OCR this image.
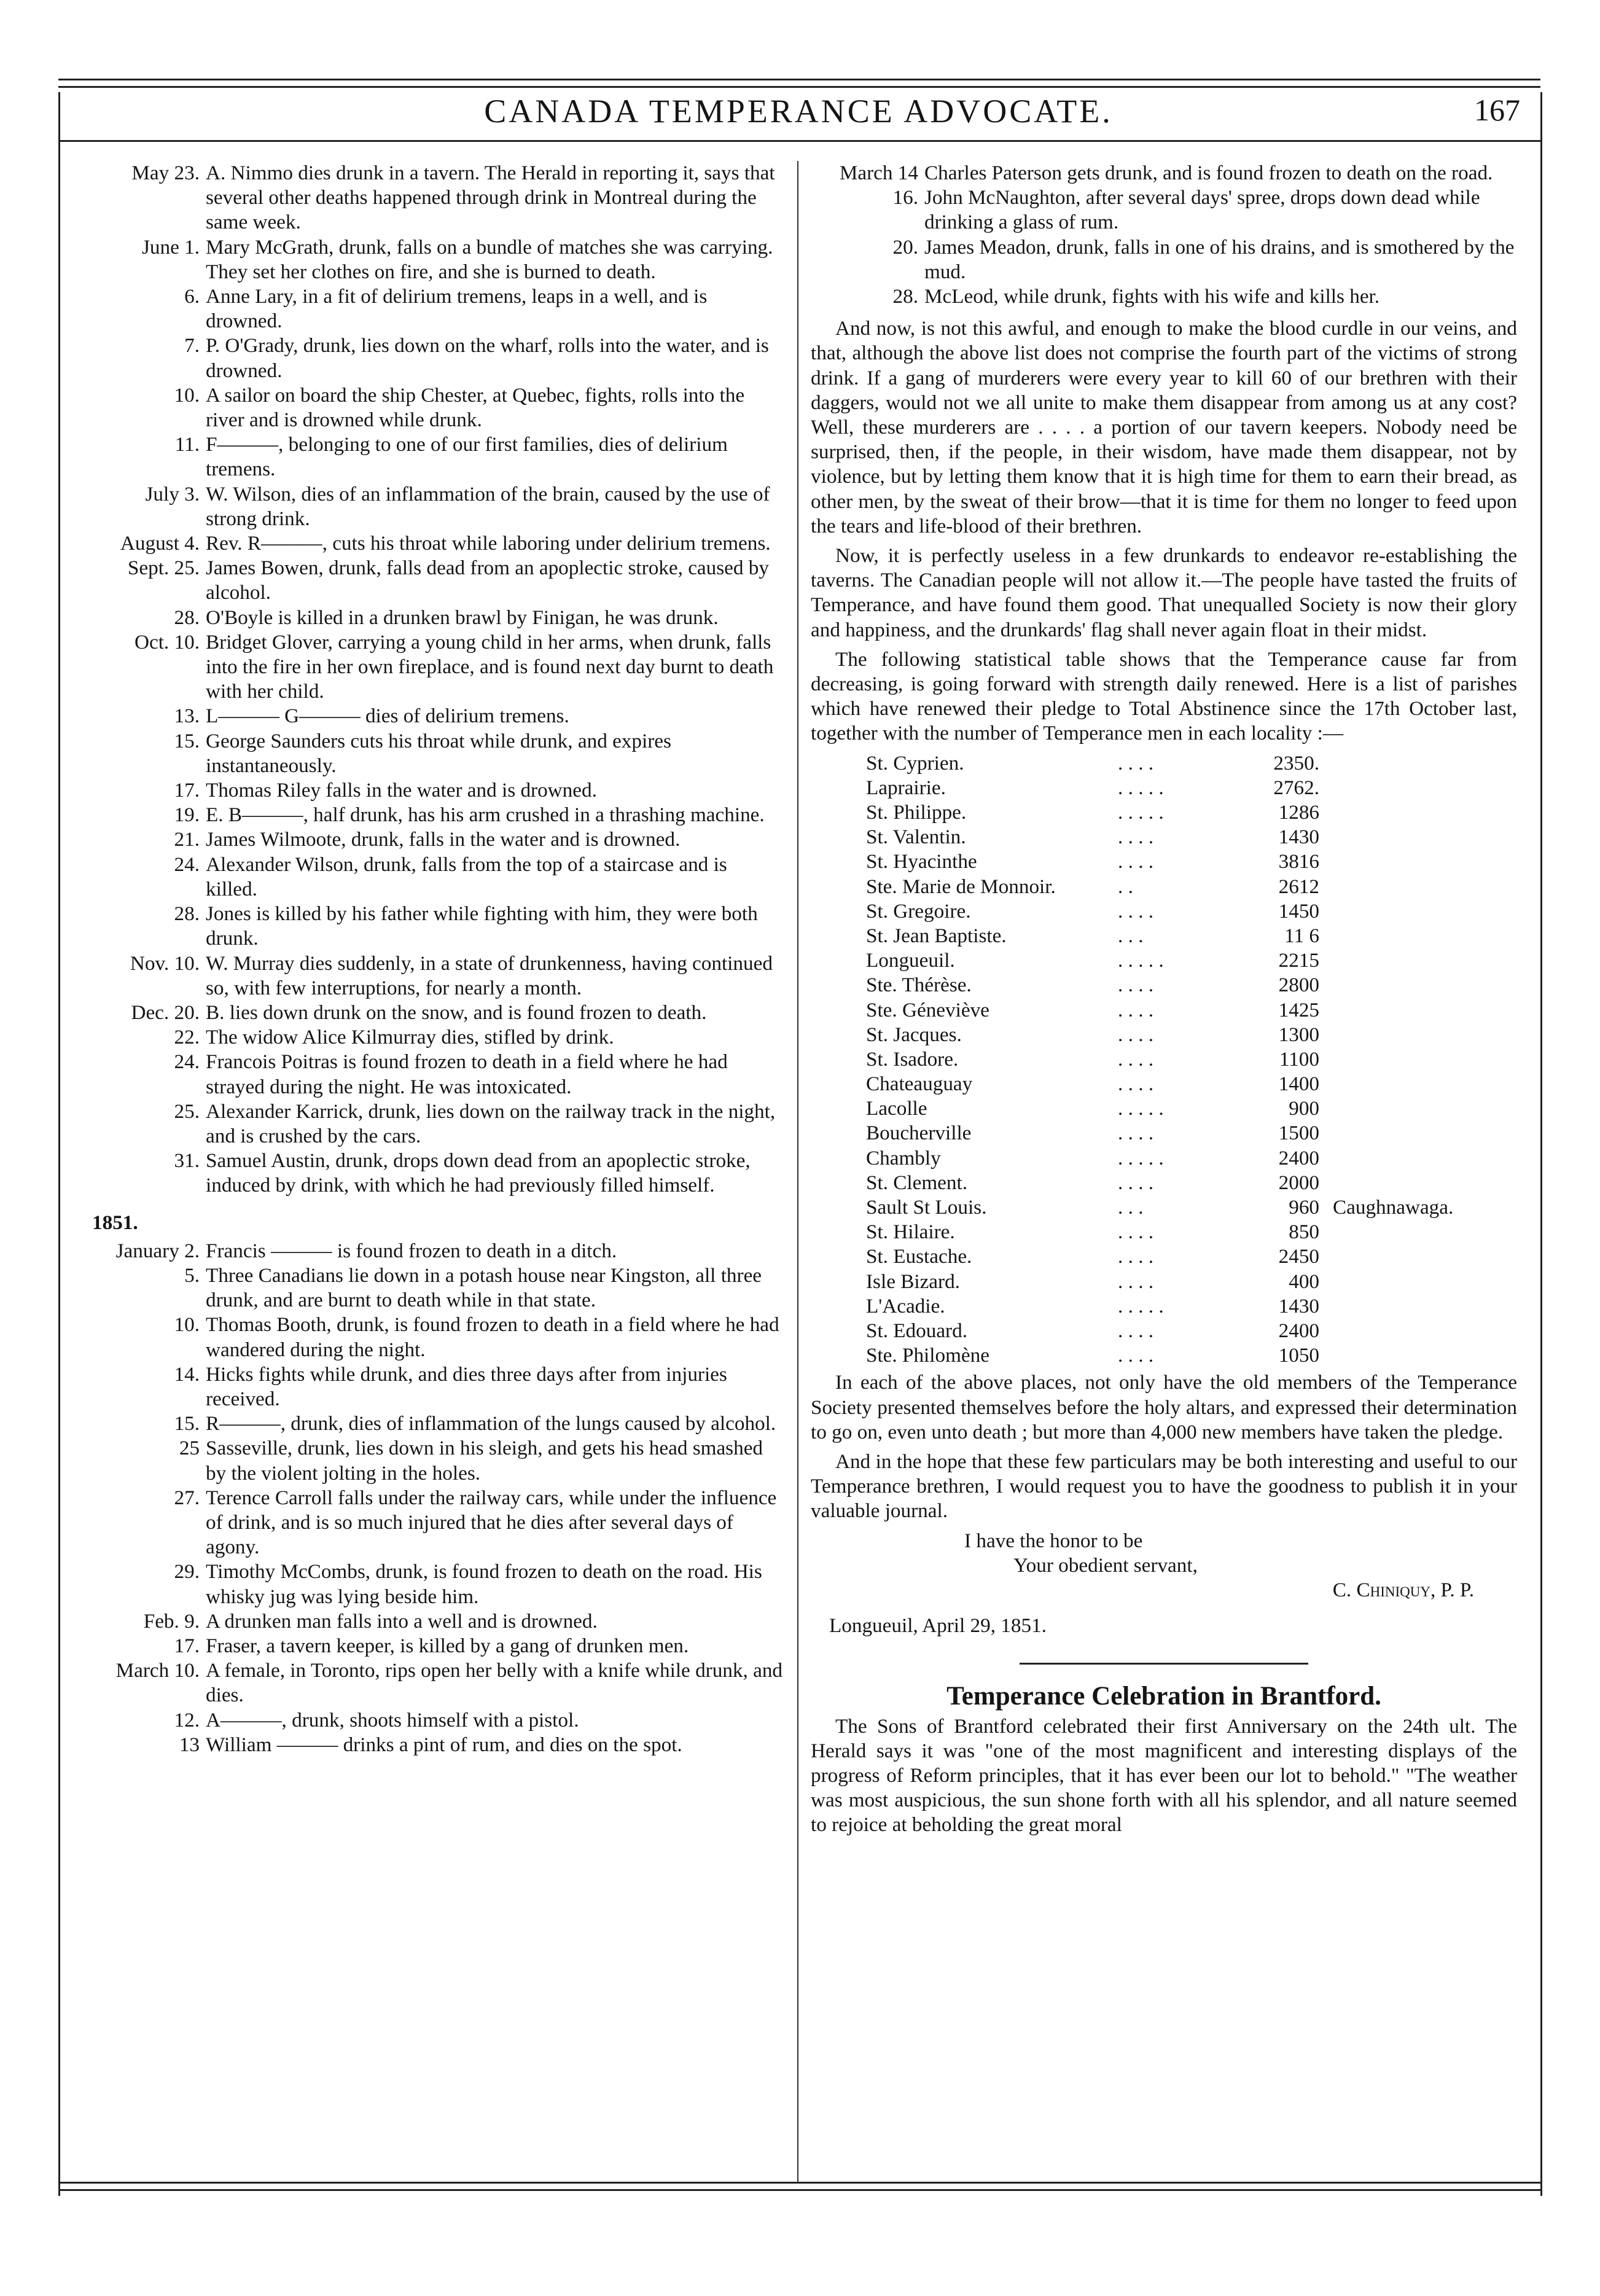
CANADA TEMPERANCE ADVOCATE.	167
May 23. A. Nimmo dies drunk in a tavern. The Herald in reporting it, says that several other deaths happened through drink in Montreal during the same week.
June 1. Mary McGrath, drunk, falls on a bundle of matches she was carrying. They set her clothes on fire, and she is burned to death.
6. Anne Lary, in a fit of delirium tremens, leaps in a well, and is drowned.
7. P. O'Grady, drunk, lies down on the wharf, rolls into the water, and is drowned.
10. A sailor on board the ship Chester, at Quebec, fights, rolls into the river and is drowned while drunk.
11. F———, belonging to one of our first families, dies of delirium tremens.
July 3. W. Wilson, dies of an inflammation of the brain, caused by the use of strong drink.
August 4. Rev. R———, cuts his throat while laboring under delirium tremens.
Sept. 25. James Bowen, drunk, falls dead from an apoplectic stroke, caused by alcohol.
28. O'Boyle is killed in a drunken brawl by Finigan, he was drunk.
Oct. 10. Bridget Glover, carrying a young child in her arms, when drunk, falls into the fire in her own fireplace, and is found next day burnt to death with her child.
13. L——— G——— dies of delirium tremens.
15. George Saunders cuts his throat while drunk, and expires instantaneously.
17. Thomas Riley falls in the water and is drowned.
19. E. B———, half drunk, has his arm crushed in a thrashing machine.
21. James Wilmoote, drunk, falls in the water and is drowned.
24. Alexander Wilson, drunk, falls from the top of a staircase and is killed.
28. Jones is killed by his father while fighting with him, they were both drunk.
Nov. 10. W. Murray dies suddenly, in a state of drunkenness, having continued so, with few interruptions, for nearly a month.
Dec. 20. B. lies down drunk on the snow, and is found frozen to death.
22. The widow Alice Kilmurray dies, stifled by drink.
24. Francois Poitras is found frozen to death in a field where he had strayed during the night. He was intoxicated.
25. Alexander Karrick, drunk, lies down on the railway track in the night, and is crushed by the cars.
31. Samuel Austin, drunk, drops down dead from an apoplectic stroke, induced by drink, with which he had previously filled himself.
1851.
January 2. Francis ——— is found frozen to death in a ditch.
5. Three Canadians lie down in a potash house near Kingston, all three drunk, and are burnt to death while in that state.
10. Thomas Booth, drunk, is found frozen to death in a field where he had wandered during the night.
14. Hicks fights while drunk, and dies three days after from injuries received.
15. R———, drunk, dies of inflammation of the lungs caused by alcohol.
25 Sasseville, drunk, lies down in his sleigh, and gets his head smashed by the violent jolting in the holes.
27. Terence Carroll falls under the railway cars, while under the influence of drink, and is so much injured that he dies after several days of agony.
29. Timothy McCombs, drunk, is found frozen to death on the road. His whisky jug was lying beside him.
Feb. 9. A drunken man falls into a well and is drowned.
17. Fraser, a tavern keeper, is killed by a gang of drunken men.
March 10. A female, in Toronto, rips open her belly with a knife while drunk, and dies.
12. A———, drunk, shoots himself with a pistol.
13 William ——— drinks a pint of rum, and dies on the spot.
March 14 Charles Paterson gets drunk, and is found frozen to death on the road.
16. John McNaughton, after several days' spree, drops down dead while drinking a glass of rum.
20. James Meadon, drunk, falls in one of his drains, and is smothered by the mud.
28. McLeod, while drunk, fights with his wife and kills her.

And now, is not this awful, and enough to make the blood curdle in our veins, and that, although the above list does not comprise the fourth part of the victims of strong drink. If a gang of murderers were every year to kill 60 of our brethren with their daggers, would not we all unite to make them disappear from among us at any cost? Well, these murderers are . . . . a portion of our tavern keepers. Nobody need be surprised, then, if the people, in their wisdom, have made them disappear, not by violence, but by letting them know that it is high time for them to earn their bread, as other men, by the sweat of their brow—that it is time for them no longer to feed upon the tears and life-blood of their brethren.

Now, it is perfectly useless in a few drunkards to endeavor re-establishing the taverns. The Canadian people will not allow it.—The people have tasted the fruits of Temperance, and have found them good. That unequalled Society is now their glory and happiness, and the drunkards' flag shall never again float in their midst.

The following statistical table shows that the Temperance cause far from decreasing, is going forward with strength daily renewed. Here is a list of parishes which have renewed their pledge to Total Abstinence since the 17th October last, together with the number of Temperance men in each locality :—

St. Cyprien.	. . . .	2350.
Laprairie.	. . . . .	2762.
St. Philippe.	. . . . .	1286
St. Valentin.	. . . .	1430
St. Hyacinthe	. . . .	3816
Ste. Marie de Monnoir.	. .	2612
St. Gregoire.	. . . .	1450
St. Jean Baptiste.	. . .	11 6
Longueuil.	. . . . .	2215
Ste. Thérèse.	. . . .	2800
Ste. Géneviève	. . . .	1425
St. Jacques.	. . . .	1300
St. Isadore.	. . . .	1100
Chateauguay	. . . .	1400
Lacolle	. . . . .	900
Boucherville	. . . .	1500
Chambly	. . . . .	2400
St. Clement.	. . . .	2000
Sault St Louis.	. . .	960 Caughnawaga.
St. Hilaire.	. . . .	850
St. Eustache.	. . . .	2450
Isle Bizard.	. . . .	400
L'Acadie.	. . . . .	1430
St. Edouard.	. . . .	2400
Ste. Philomène	. . . .	1050

In each of the above places, not only have the old members of the Temperance Society presented themselves before the holy altars, and expressed their determination to go on, even unto death ; but more than 4,000 new members have taken the pledge.

And in the hope that these few particulars may be both interesting and useful to our Temperance brethren, I would request you to have the goodness to publish it in your valuable journal.

I have the honor to be
Your obedient servant,
C. Chiniquy, P. P.
Longueuil, April 29, 1851.
Temperance Celebration in Brantford.

The Sons of Brantford celebrated their first Anniversary on the 24th ult. The Herald says it was "one of the most magnificent and interesting displays of the progress of Reform principles, that it has ever been our lot to behold." "The weather was most auspicious, the sun shone forth with all his splendor, and all nature seemed to rejoice at beholding the great moral
